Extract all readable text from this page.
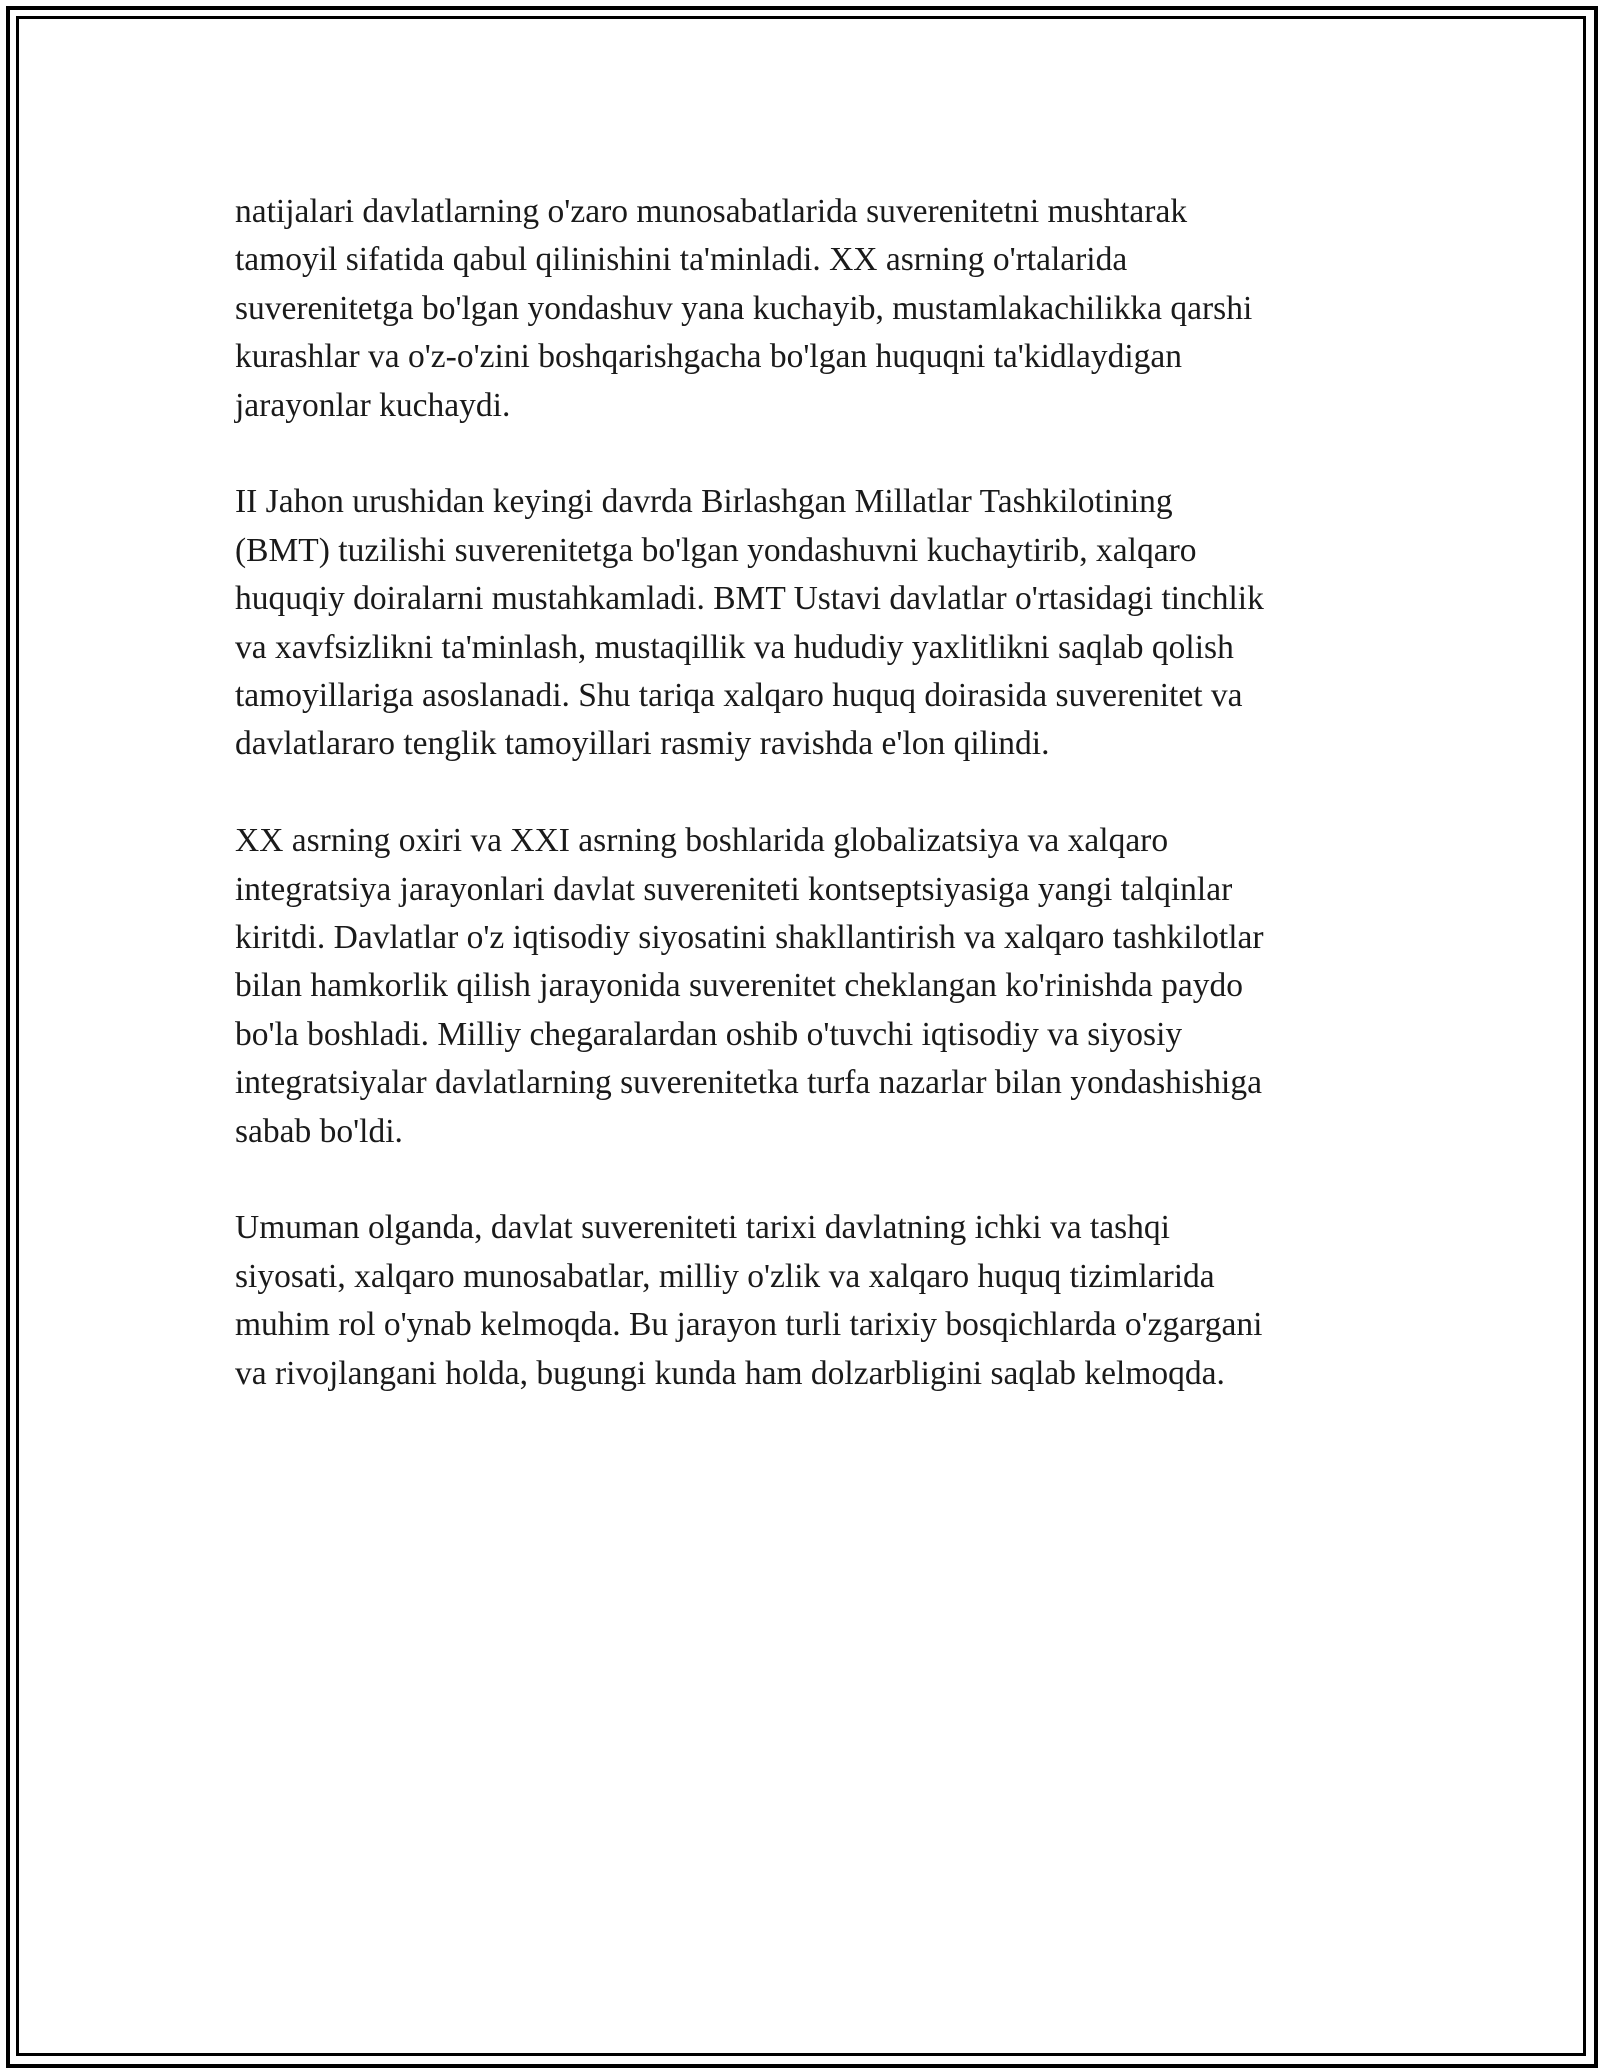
natijalari davlatlarning o'zaro munosabatlarida suverenitetni mushtarak
tamoyil sifatida qabul qilinishini ta'minladi. XX asrning o'rtalarida
suverenitetga bo'lgan yondashuv yana kuchayib, mustamlakachilikka qarshi
kurashlar va o'z-o'zini boshqarishgacha bo'lgan huquqni ta'kidlaydigan
jarayonlar kuchaydi.

II Jahon urushidan keyingi davrda Birlashgan Millatlar Tashkilotining
(BMT) tuzilishi suverenitetga bo'lgan yondashuvni kuchaytirib, xalqaro
huquqiy doiralarni mustahkamladi. BMT Ustavi davlatlar o'rtasidagi tinchlik
va xavfsizlikni ta'minlash, mustaqillik va hududiy yaxlitlikni saqlab qolish
tamoyillariga asoslanadi. Shu tariqa xalqaro huquq doirasida suverenitet va
davlatlararo tenglik tamoyillari rasmiy ravishda e'lon qilindi.

XX asrning oxiri va XXI asrning boshlarida globalizatsiya va xalqaro
integratsiya jarayonlari davlat suvereniteti kontseptsiyasiga yangi talqinlar
kiritdi. Davlatlar o'z iqtisodiy siyosatini shakllantirish va xalqaro tashkilotlar
bilan hamkorlik qilish jarayonida suverenitet cheklangan ko'rinishda paydo
bo'la boshladi. Milliy chegaralardan oshib o'tuvchi iqtisodiy va siyosiy
integratsiyalar davlatlarning suverenitetka turfa nazarlar bilan yondashishiga
sabab bo'ldi.

Umuman olganda, davlat suvereniteti tarixi davlatning ichki va tashqi
siyosati, xalqaro munosabatlar, milliy o'zlik va xalqaro huquq tizimlarida
muhim rol o'ynab kelmoqda. Bu jarayon turli tarixiy bosqichlarda o'zgargani
va rivojlangani holda, bugungi kunda ham dolzarbligini saqlab kelmoqda.
